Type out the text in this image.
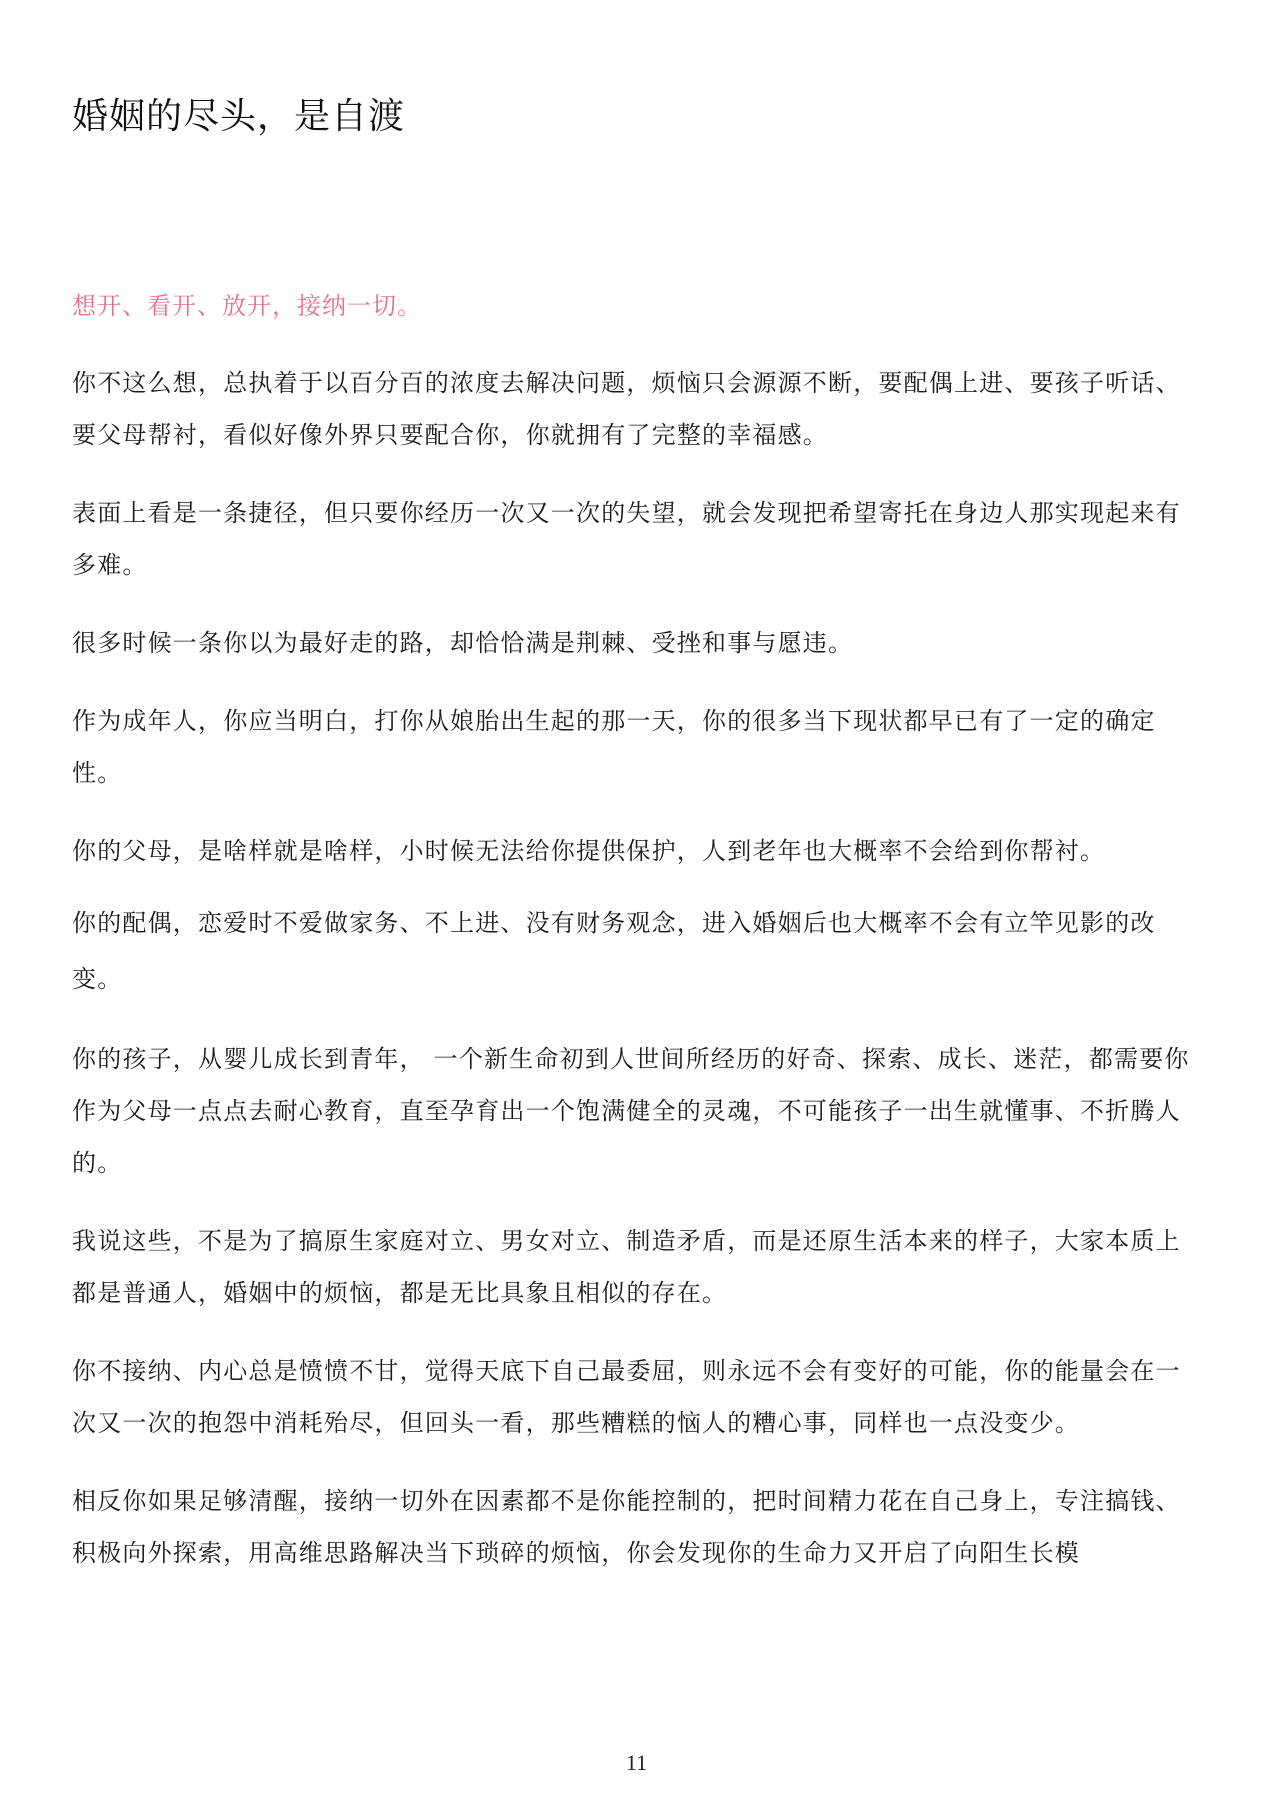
婚姻的尽头，是自渡

想开、看开、放开，接纳一切。

你不这么想，总执着于以百分百的浓度去解决问题，烦恼只会源源不断，要配偶上进、要孩子听话、要父母帮衬，看似好像外界只要配合你，你就拥有了完整的幸福感。

表面上看是一条捷径，但只要你经历一次又一次的失望，就会发现把希望寄托在身边人那实现起来有多难。

很多时候一条你以为最好走的路，却恰恰满是荆棘、受挫和事与愿违。

作为成年人，你应当明白，打你从娘胎出生起的那一天，你的很多当下现状都早已有了一定的确定性。

你的父母，是啥样就是啥样，小时候无法给你提供保护，人到老年也大概率不会给到你帮衬。

你的配偶，恋爱时不爱做家务、不上进、没有财务观念，进入婚姻后也大概率不会有立竿见影的改变。

你的孩子，从婴儿成长到青年， 一个新生命初到人世间所经历的好奇、探索、成长、迷茫，都需要你作为父母一点点去耐心教育，直至孕育出一个饱满健全的灵魂，不可能孩子一出生就懂事、不折腾人的。

我说这些，不是为了搞原生家庭对立、男女对立、制造矛盾，而是还原生活本来的样子，大家本质上都是普通人，婚姻中的烦恼，都是无比具象且相似的存在。

你不接纳、内心总是愤愤不甘，觉得天底下自己最委屈，则永远不会有变好的可能，你的能量会在一次又一次的抱怨中消耗殆尽，但回头一看，那些糟糕的恼人的糟心事，同样也一点没变少。

相反你如果足够清醒，接纳一切外在因素都不是你能控制的，把时间精力花在自己身上，专注搞钱、积极向外探索，用高维思路解决当下琐碎的烦恼，你会发现你的生命力又开启了向阳生长模

11
